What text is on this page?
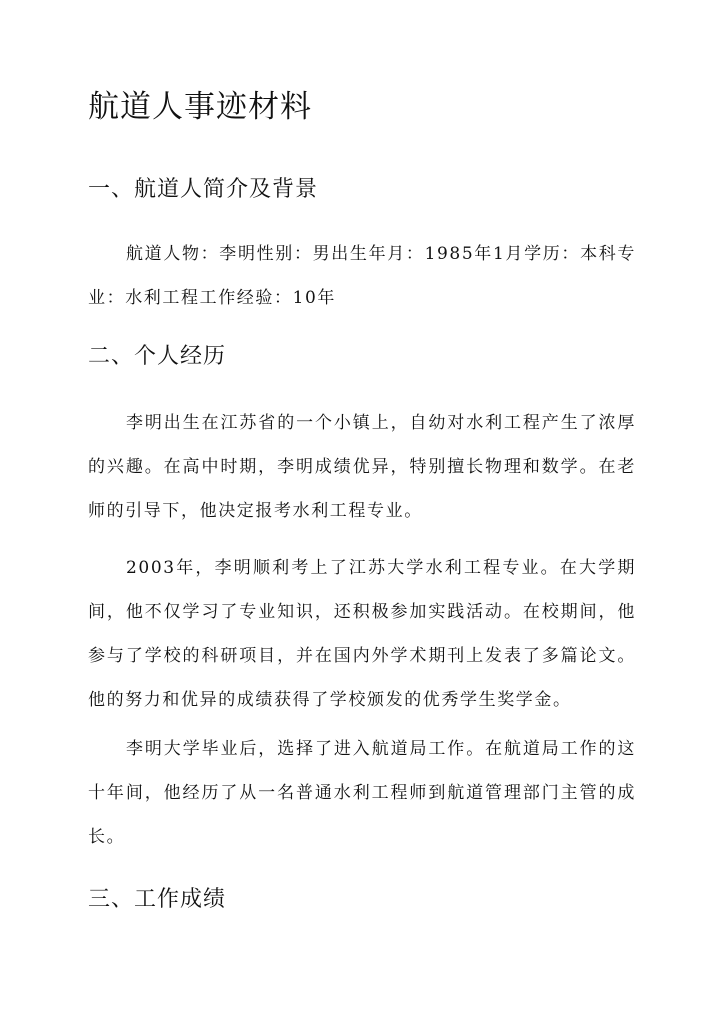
航道人事迹材料
一、航道人简介及背景

航道人物：李明性别：男出生年月：1985年1月学历：本科专业：水利工程工作经验：10年

二、个人经历

李明出生在江苏省的一个小镇上，自幼对水利工程产生了浓厚的兴趣。在高中时期，李明成绩优异，特别擅长物理和数学。在老师的引导下，他决定报考水利工程专业。

2003年，李明顺利考上了江苏大学水利工程专业。在大学期间，他不仅学习了专业知识，还积极参加实践活动。在校期间，他参与了学校的科研项目，并在国内外学术期刊上发表了多篇论文。他的努力和优异的成绩获得了学校颁发的优秀学生奖学金。

李明大学毕业后，选择了进入航道局工作。在航道局工作的这十年间，他经历了从一名普通水利工程师到航道管理部门主管的成长。

三、工作成绩
